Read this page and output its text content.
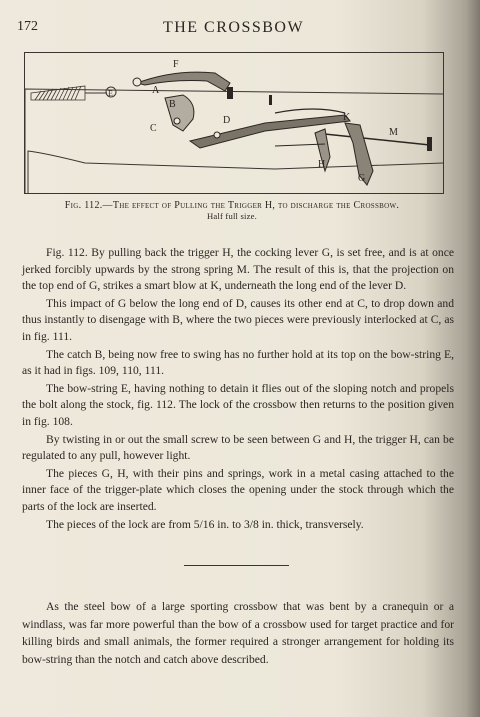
172	THE CROSSBOW
F
A
B
C
D
E
K
M
H
G
Fig. 112.—The effect of Pulling the Trigger H, to discharge the Crossbow.
Half full size.

Fig. 112. By pulling back the trigger H, the cocking lever G, is set free, and is at once jerked forcibly upwards by the strong spring M. The result of this is, that the projection on the top end of G, strikes a smart blow at K, underneath the long end of the lever D.

This impact of G below the long end of D, causes its other end at C, to drop down and thus instantly to disengage with B, where the two pieces were previously interlocked at C, as in fig. 111.

The catch B, being now free to swing has no further hold at its top on the bow-string E, as it had in figs. 109, 110, 111.

The bow-string E, having nothing to detain it flies out of the sloping notch and propels the bolt along the stock, fig. 112. The lock of the crossbow then returns to the position given in fig. 108.

By twisting in or out the small screw to be seen between G and H, the trigger H, can be regulated to any pull, however light.

The pieces G, H, with their pins and springs, work in a metal casing attached to the inner face of the trigger-plate which closes the opening under the stock through which the parts of the lock are inserted.

The pieces of the lock are from 5/16 in. to 3/8 in. thick, transversely.

As the steel bow of a large sporting crossbow that was bent by a cranequin or a windlass, was far more powerful than the bow of a crossbow used for target practice and for killing birds and small animals, the former required a stronger arrangement for holding its bow-string than the notch and catch above described.
